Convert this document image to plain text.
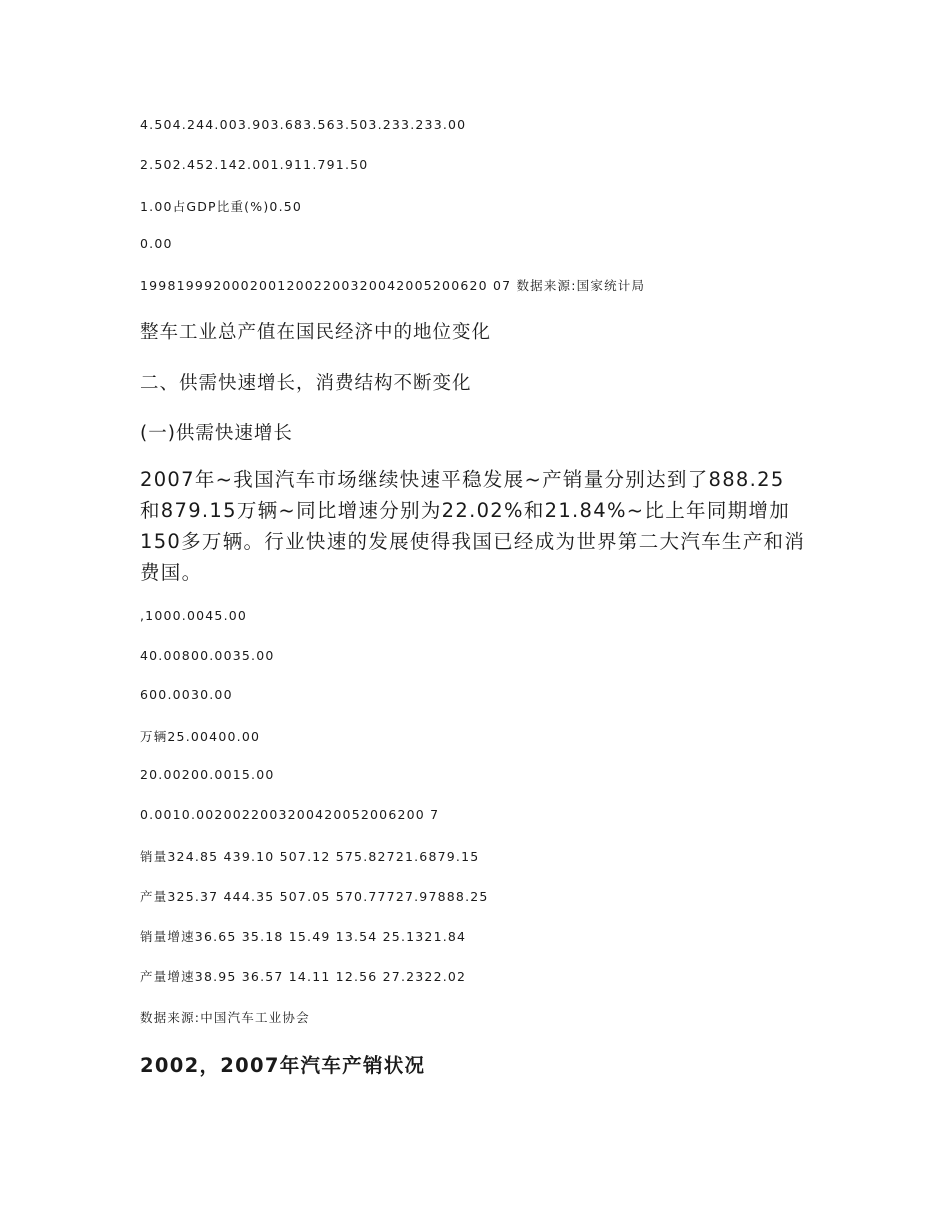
4.504.244.003.903.683.563.503.233.233.00

2.502.452.142.001.911.791.50

1.00占GDP比重(%)0.50

0.00

19981999200020012002200320042005200620 07 数据来源:国家统计局

整车工业总产值在国民经济中的地位变化

二、供需快速增长，消费结构不断变化

(一)供需快速增长

2007年~我国汽车市场继续快速平稳发展~产销量分别达到了888.25
和879.15万辆~同比增速分别为22.02%和21.84%~比上年同期增加
150多万辆。行业快速的发展使得我国已经成为世界第二大汽车生产和消
费国。

,1000.0045.00

40.00800.0035.00

600.0030.00

万辆25.00400.00

20.00200.0015.00

0.0010.0020022003200420052006200 7

销量324.85 439.10 507.12 575.82721.6879.15

产量325.37 444.35 507.05 570.77727.97888.25

销量增速36.65 35.18 15.49 13.54 25.1321.84

产量增速38.95 36.57 14.11 12.56 27.2322.02

数据来源:中国汽车工业协会

2002，2007年汽车产销状况
